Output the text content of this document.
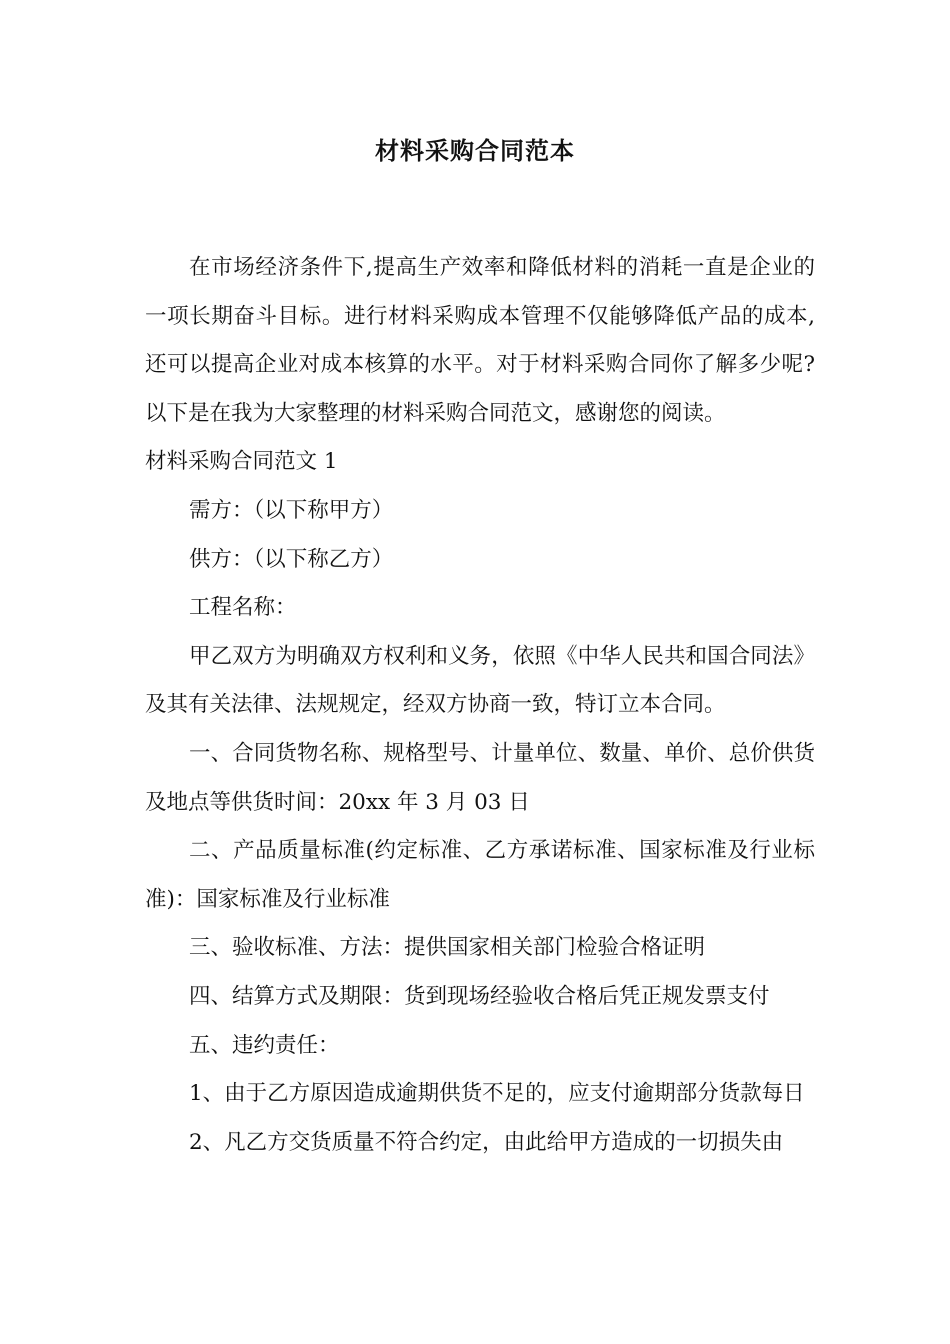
材料采购合同范本

在市场经济条件下,提高生产效率和降低材料的消耗一直是企业的一项长期奋斗目标。进行材料采购成本管理不仅能够降低产品的成本,还可以提高企业对成本核算的水平。对于材料采购合同你了解多少呢?以下是在我为大家整理的材料采购合同范文，感谢您的阅读。

材料采购合同范文 1

需方：（以下称甲方）

供方：（以下称乙方）

工程名称：

甲乙双方为明确双方权利和义务，依照《中华人民共和国合同法》及其有关法律、法规规定，经双方协商一致，特订立本合同。

一、合同货物名称、规格型号、计量单位、数量、单价、总价供货及地点等供货时间：20xx 年 3 月 03 日

二、产品质量标准(约定标准、乙方承诺标准、国家标准及行业标准)：国家标准及行业标准

三、验收标准、方法：提供国家相关部门检验合格证明

四、结算方式及期限：货到现场经验收合格后凭正规发票支付

五、违约责任：

1、由于乙方原因造成逾期供货不足的，应支付逾期部分货款每日

2、凡乙方交货质量不符合约定，由此给甲方造成的一切损失由
